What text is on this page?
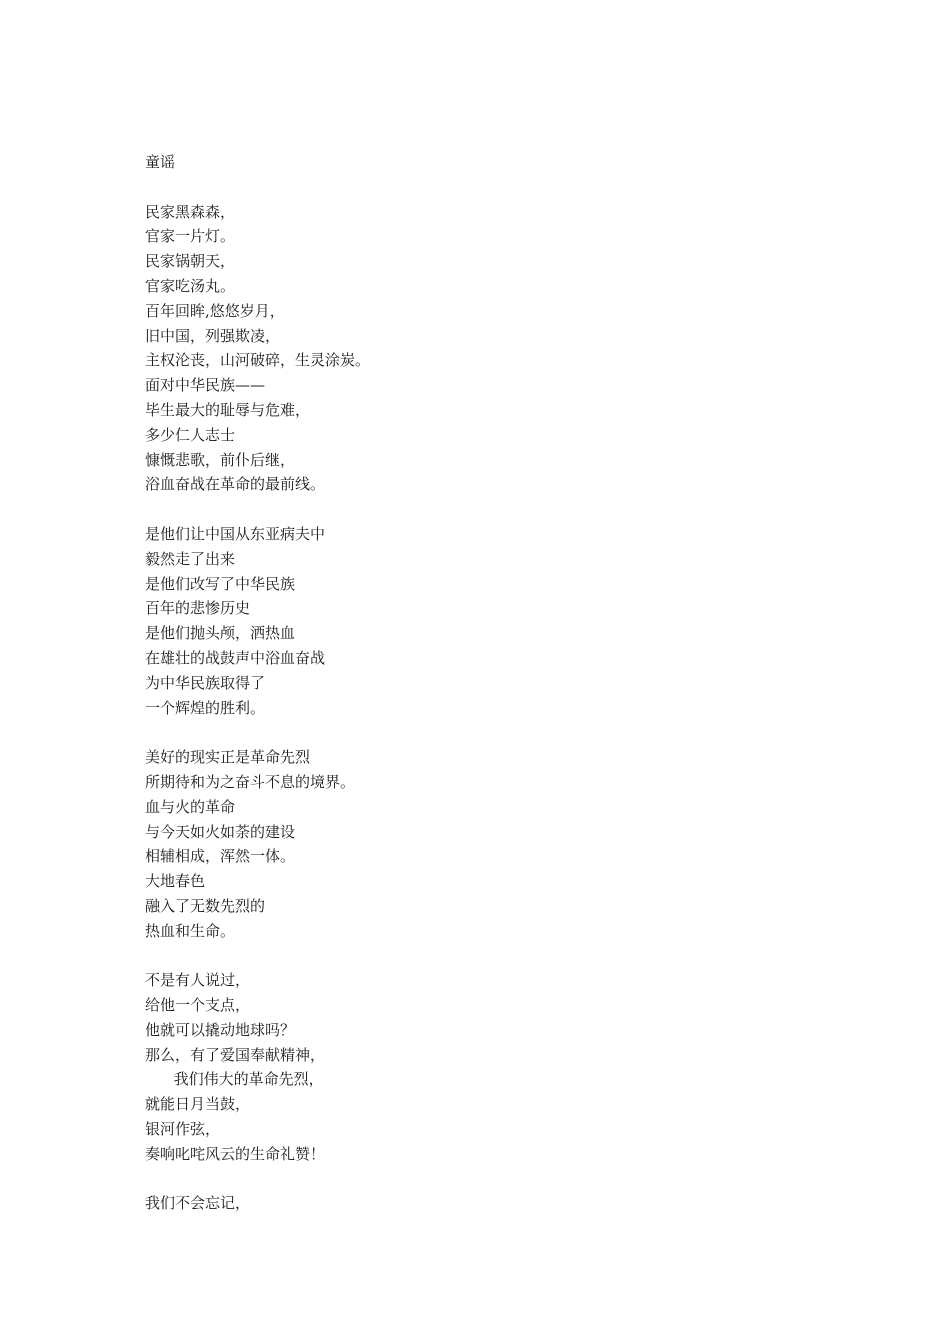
童谣
民家黑森森，
官家一片灯。
民家锅朝天，
官家吃汤丸。
百年回眸,悠悠岁月，
旧中国，列强欺凌，
主权沦丧，山河破碎，生灵涂炭。
面对中华民族——
毕生最大的耻辱与危难，
多少仁人志士
慷慨悲歌，前仆后继，
浴血奋战在革命的最前线。
是他们让中国从东亚病夫中
毅然走了出来
是他们改写了中华民族
百年的悲惨历史
是他们抛头颅，洒热血
在雄壮的战鼓声中浴血奋战
为中华民族取得了
一个辉煌的胜利。
美好的现实正是革命先烈
所期待和为之奋斗不息的境界。
血与火的革命
与今天如火如荼的建设
相辅相成，浑然一体。
大地春色
融入了无数先烈的
热血和生命。
不是有人说过，
给他一个支点，
他就可以撬动地球吗？
那么，有了爱国奉献精神，
我们伟大的革命先烈，
就能日月当鼓，
银河作弦，
奏响叱咤风云的生命礼赞！
我们不会忘记，
